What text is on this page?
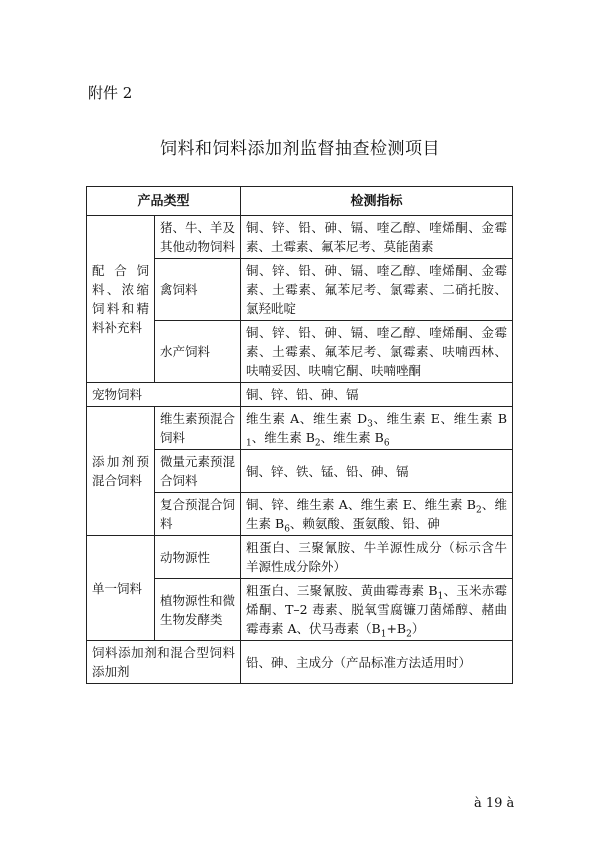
附件 2
饲料和饲料添加剂监督抽查检测项目
产品类型		检测指标
配合饲料、浓缩饲料和精料补充料	猪、牛、羊及其他动物饲料	铜、锌、铅、砷、镉、喹乙醇、喹烯酮、金霉素、土霉素、氟苯尼考、莫能菌素
	禽饲料	铜、锌、铅、砷、镉、喹乙醇、喹烯酮、金霉素、土霉素、氟苯尼考、氯霉素、二硝托胺、氯羟吡啶
	水产饲料	铜、锌、铅、砷、镉、喹乙醇、喹烯酮、金霉素、土霉素、氟苯尼考、氯霉素、呋喃西林、呋喃妥因、呋喃它酮、呋喃唑酮
宠物饲料		铜、锌、铅、砷、镉
添加剂预混合饲料	维生素预混合饲料	维生素 A、维生素 $D_3$、维生素 E、维生素 $B_1$、维生素 $B_2$、维生素 $B_6$
	微量元素预混合饲料	铜、锌、铁、锰、铅、砷、镉
	复合预混合饲料	铜、锌、维生素 A、维生素 E、维生素 $B_2$、维生素 $B_6$、赖氨酸、蛋氨酸、铅、砷
单一饲料	动物源性	粗蛋白、三聚氰胺、牛羊源性成分（标示含牛羊源性成分除外）
	植物源性和微生物发酵类	粗蛋白、三聚氰胺、黄曲霉毒素 $B_1$、玉米赤霉烯酮、T–2 毒素、脱氧雪腐镰刀菌烯醇、赭曲霉毒素 A、伏马毒素$(B_1+B_2)$
饲料添加剂和混合型饲料添加剂		铅、砷、主成分（产品标准方法适用时）
à 19 à
